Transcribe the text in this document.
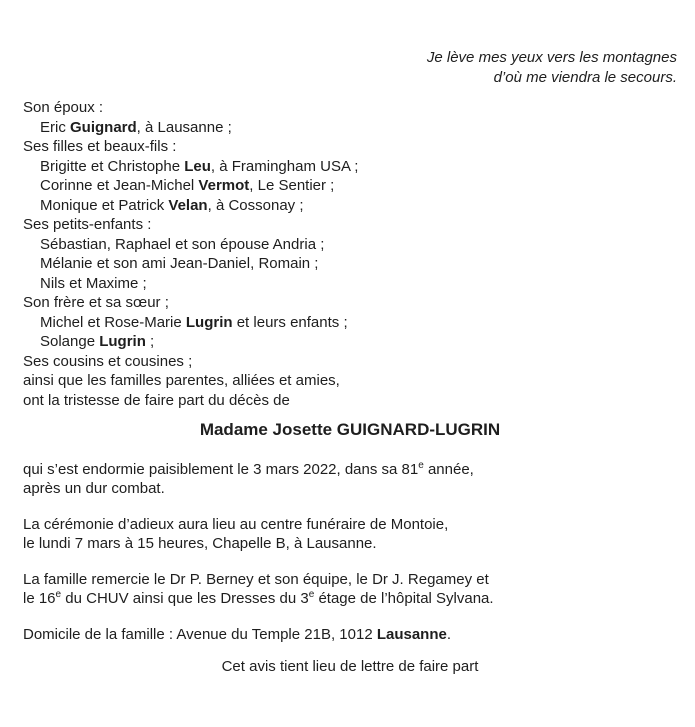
Je lève mes yeux vers les montagnes
d’où me viendra le secours.
Son époux :
Eric Guignard, à Lausanne ;
Ses filles et beaux-fils :
Brigitte et Christophe Leu, à Framingham USA ;
Corinne et Jean-Michel Vermot, Le Sentier ;
Monique et Patrick Velan, à Cossonay ;
Ses petits-enfants :
Sébastian, Raphael et son épouse Andria ;
Mélanie et son ami Jean-Daniel, Romain ;
Nils et Maxime ;
Son frère et sa sœur ;
Michel et Rose-Marie Lugrin et leurs enfants ;
Solange Lugrin ;
Ses cousins et cousines ;
ainsi que les familles parentes, alliées et amies,
ont la tristesse de faire part du décès de
Madame Josette GUIGNARD-LUGRIN

qui s’est endormie paisiblement le 3 mars 2022, dans sa 81e année,
après un dur combat.

La cérémonie d’adieux aura lieu au centre funéraire de Montoie,
le lundi 7 mars à 15 heures, Chapelle B, à Lausanne.

La famille remercie le Dr P. Berney et son équipe, le Dr J. Regamey et
le 16e du CHUV ainsi que les Dresses du 3e étage de l’hôpital Sylvana.

Domicile de la famille : Avenue du Temple 21B, 1012 Lausanne.

Cet avis tient lieu de lettre de faire part
